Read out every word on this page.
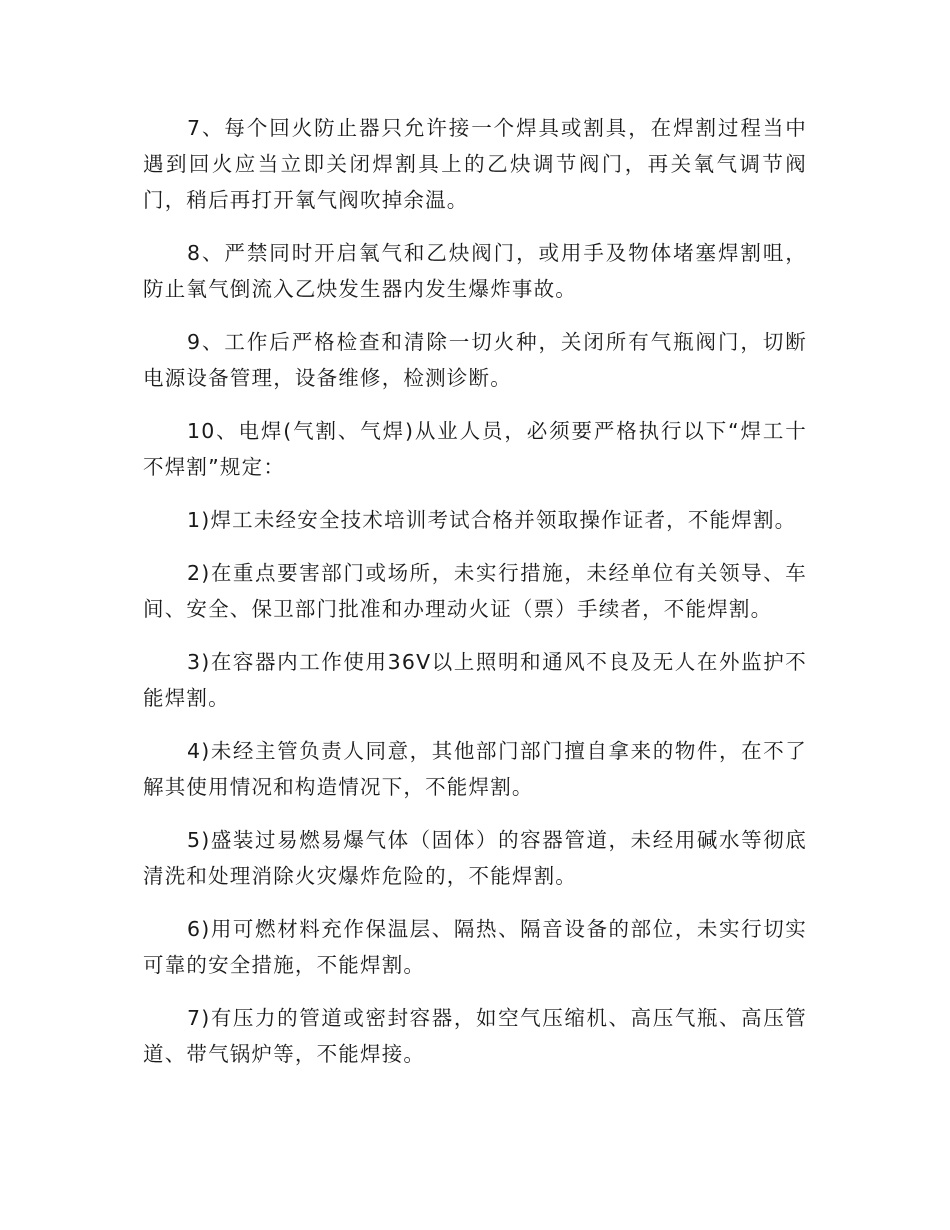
7、每个回火防止器只允许接一个焊具或割具，在焊割过程当中遇到回火应当立即关闭焊割具上的乙炔调节阀门，再关氧气调节阀门，稍后再打开氧气阀吹掉余温。

8、严禁同时开启氧气和乙炔阀门，或用手及物体堵塞焊割咀，防止氧气倒流入乙炔发生器内发生爆炸事故。

9、工作后严格检查和清除一切火种，关闭所有气瓶阀门，切断电源设备管理，设备维修，检测诊断。

10、电焊(气割、气焊)从业人员，必须要严格执行以下“焊工十不焊割”规定：

1)焊工未经安全技术培训考试合格并领取操作证者，不能焊割。

2)在重点要害部门或场所，未实行措施，未经单位有关领导、车间、安全、保卫部门批准和办理动火证（票）手续者，不能焊割。

3)在容器内工作使用36V以上照明和通风不良及无人在外监护不能焊割。

4)未经主管负责人同意，其他部门部门擅自拿来的物件，在不了解其使用情况和构造情况下，不能焊割。

5)盛装过易燃易爆气体（固体）的容器管道，未经用碱水等彻底清洗和处理消除火灾爆炸危险的，不能焊割。

6)用可燃材料充作保温层、隔热、隔音设备的部位，未实行切实可靠的安全措施，不能焊割。

7)有压力的管道或密封容器，如空气压缩机、高压气瓶、高压管道、带气锅炉等，不能焊接。
